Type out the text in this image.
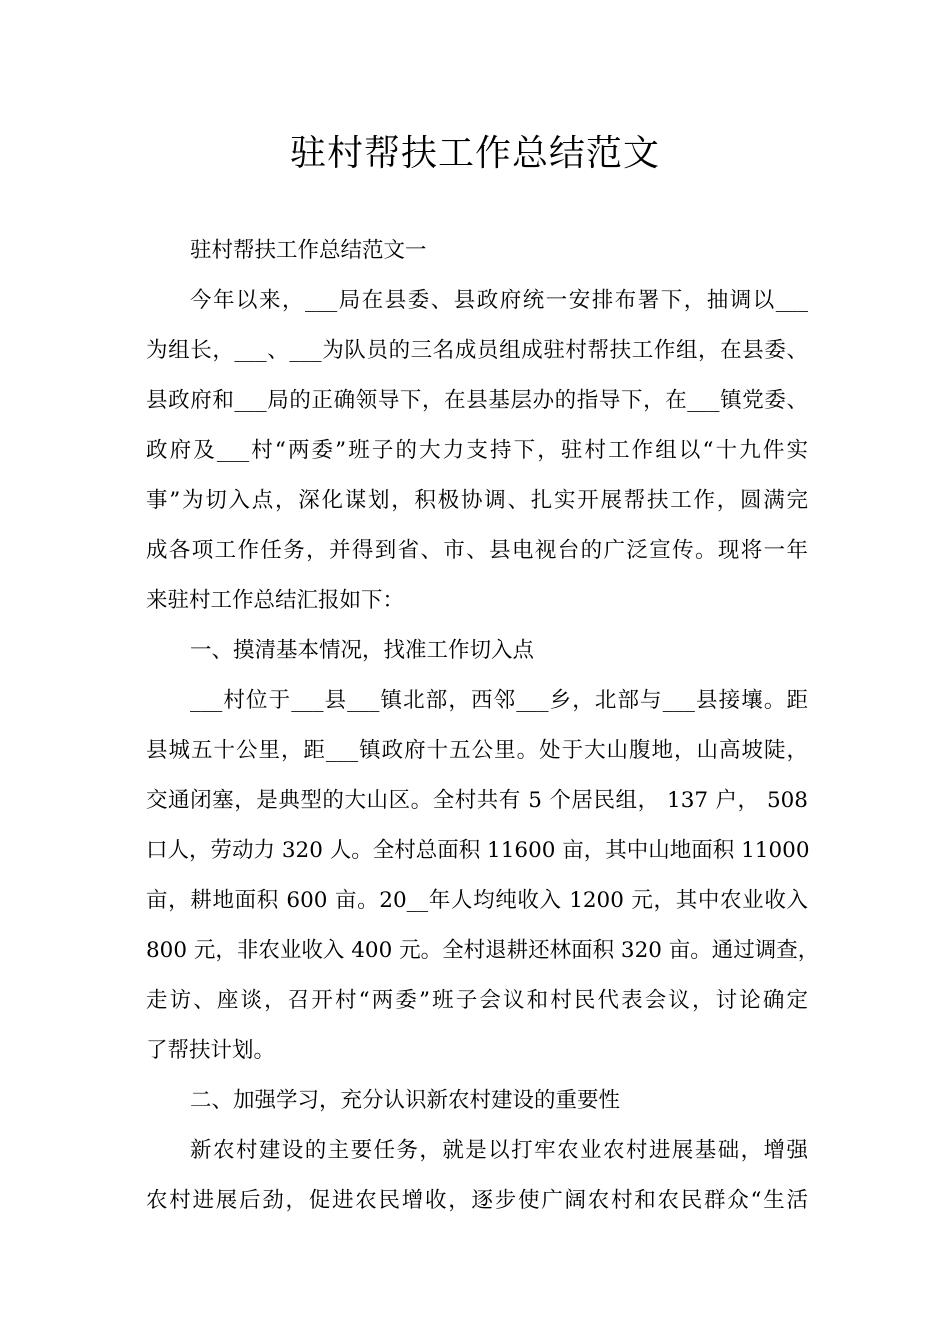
驻村帮扶工作总结范文
驻村帮扶工作总结范文一
今年以来，___局在县委、县政府统一安排布署下，抽调以___
为组长，___、___为队员的三名成员组成驻村帮扶工作组，在县委、
县政府和___局的正确领导下，在县基层办的指导下，在___镇党委、
政府及___村“两委”班子的大力支持下，驻村工作组以“十九件实
事”为切入点，深化谋划，积极协调、扎实开展帮扶工作，圆满完
成各项工作任务，并得到省、市、县电视台的广泛宣传。现将一年
来驻村工作总结汇报如下：
一、摸清基本情况，找准工作切入点
___村位于___县___镇北部，西邻___乡，北部与___县接壤。距
县城五十公里，距___镇政府十五公里。处于大山腹地，山高坡陡，
交通闭塞，是典型的大山区。全村共有 5 个居民组， 137 户， 508
口人，劳动力 320 人。全村总面积 11600 亩，其中山地面积 11000
亩，耕地面积 600 亩。20__年人均纯收入 1200 元，其中农业收入
800 元，非农业收入 400 元。全村退耕还林面积 320 亩。通过调查，
走访、座谈，召开村“两委”班子会议和村民代表会议，讨论确定
了帮扶计划。
二、加强学习，充分认识新农村建设的重要性
新农村建设的主要任务，就是以打牢农业农村进展基础，增强
农村进展后劲，促进农民增收，逐步使广阔农村和农民群众“生活
